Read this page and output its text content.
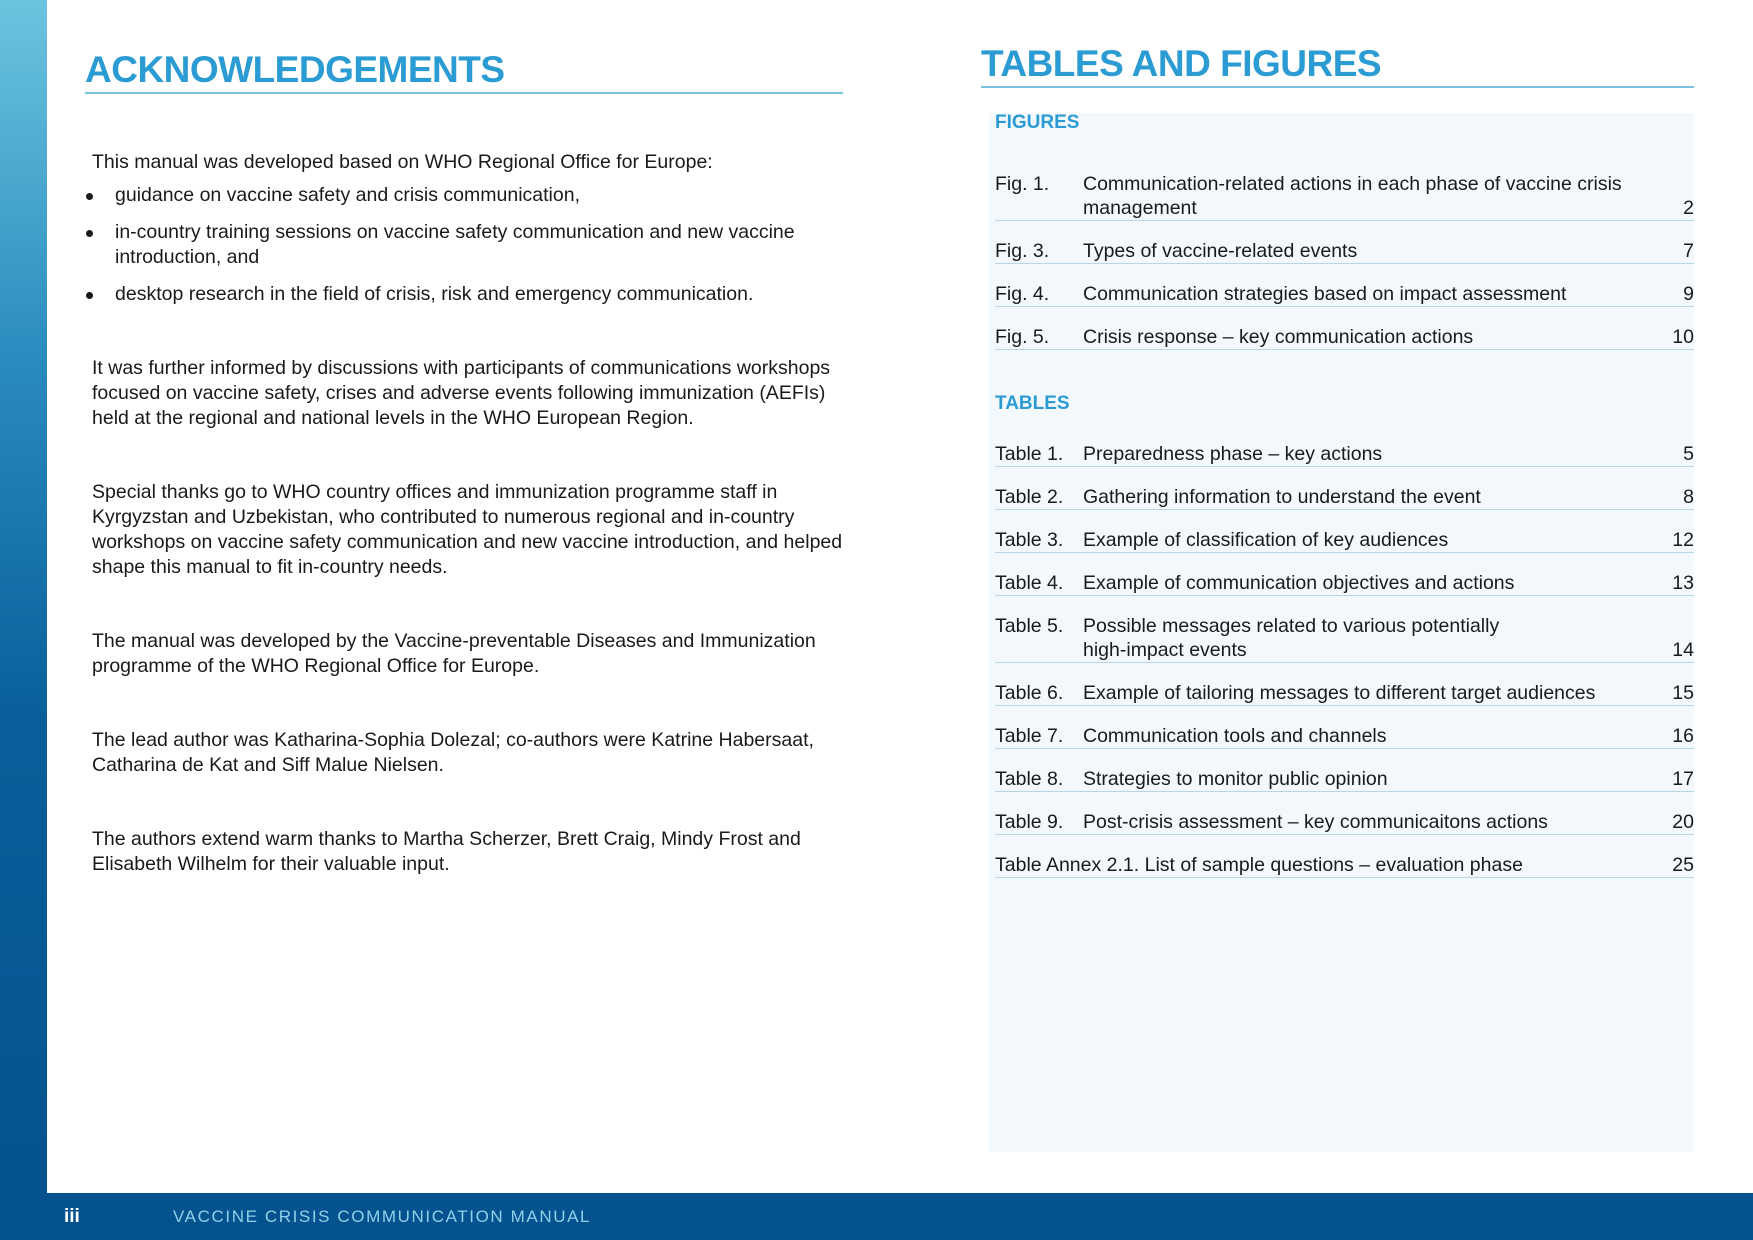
ACKNOWLEDGEMENTS

This manual was developed based on WHO Regional Office for Europe:

guidance on vaccine safety and crisis communication,
in-country training sessions on vaccine safety communication and new vaccine introduction, and
desktop research in the field of crisis, risk and emergency communication.

It was further informed by discussions with participants of communications workshops focused on vaccine safety, crises and adverse events following immunization (AEFIs) held at the regional and national levels in the WHO European Region.

Special thanks go to WHO country offices and immunization programme staff in Kyrgyzstan and Uzbekistan, who contributed to numerous regional and in-country workshops on vaccine safety communication and new vaccine introduction, and helped shape this manual to fit in-country needs.

The manual was developed by the Vaccine-preventable Diseases and Immunization programme of the WHO Regional Office for Europe.

The lead author was Katharina-Sophia Dolezal; co-authors were Katrine Habersaat, Catharina de Kat and Siff Malue Nielsen.

The authors extend warm thanks to Martha Scherzer, Brett Craig, Mindy Frost and Elisabeth Wilhelm for their valuable input.

TABLES AND FIGURES
FIGURES
Fig. 1. Communication-related actions in each phase of vaccine crisis management	2
Fig. 3. Types of vaccine-related events	7
Fig. 4. Communication strategies based on impact assessment	9
Fig. 5. Crisis response – key communication actions	10
TABLES
Table 1. Preparedness phase – key actions	5
Table 2. Gathering information to understand the event	8
Table 3. Example of classification of key audiences	12
Table 4. Example of communication objectives and actions	13
Table 5. Possible messages related to various potentially high-impact events	14
Table 6. Example of tailoring messages to different target audiences	15
Table 7. Communication tools and channels	16
Table 8. Strategies to monitor public opinion	17
Table 9. Post-crisis assessment – key communicaitons actions	20
Table Annex 2.1. List of sample questions – evaluation phase	25
iii	VACCINE CRISIS COMMUNICATION MANUAL
